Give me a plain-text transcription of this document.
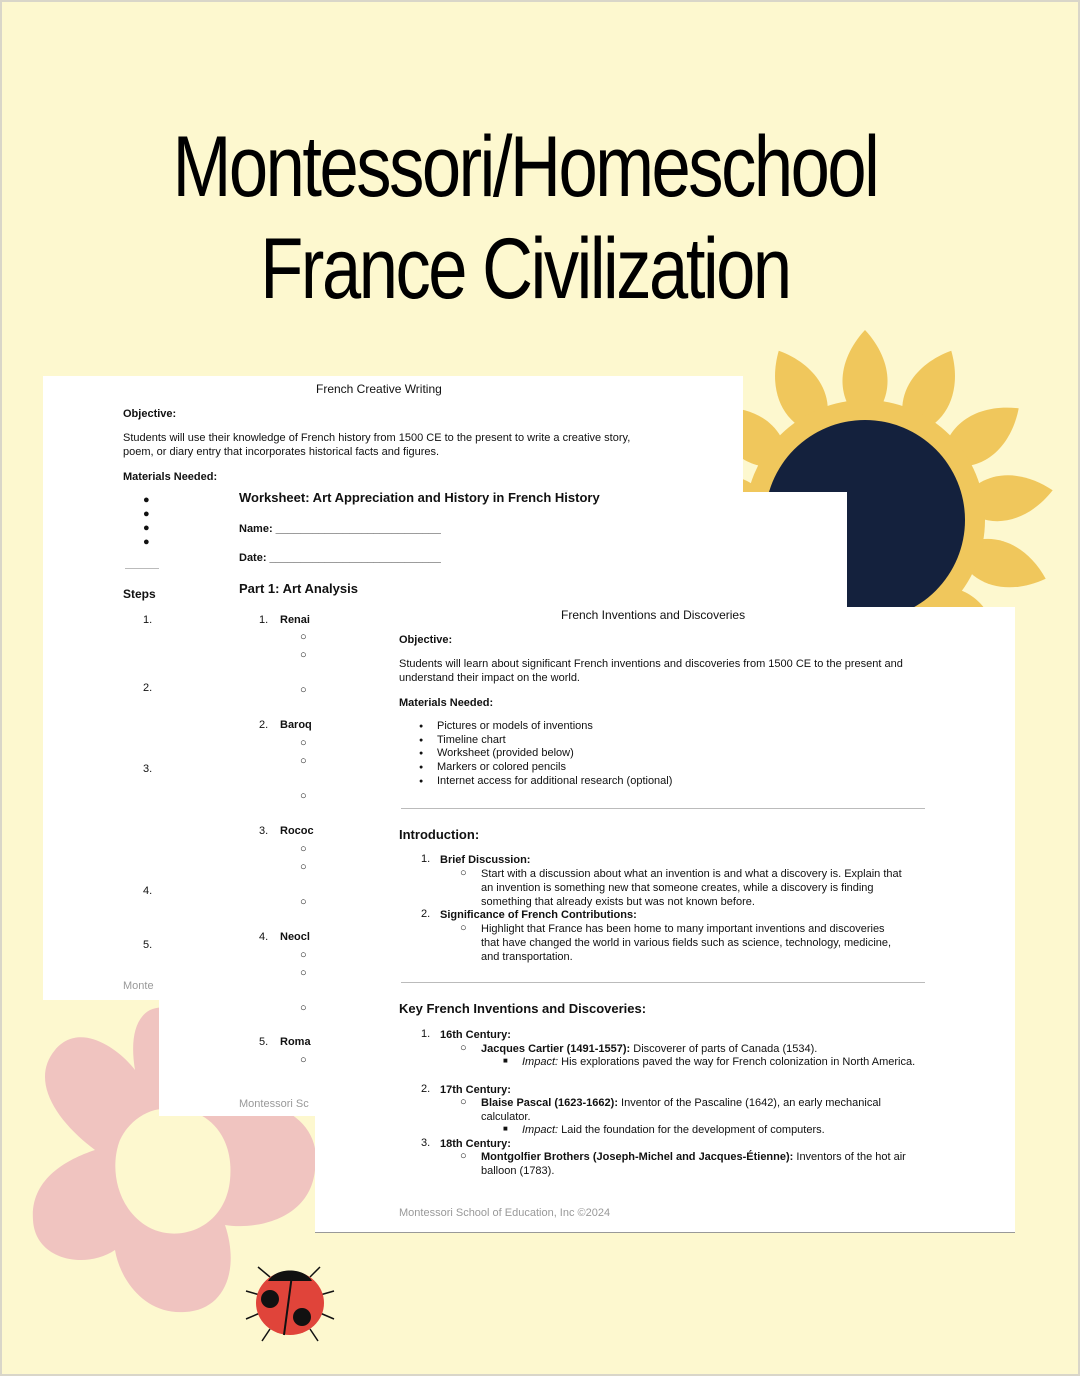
Montessori/Homeschool
France Civilization
French Creative Writing
Objective:
Students will use their knowledge of French history from 1500 CE to the present to write a creative story, poem, or diary entry that incorporates historical facts and figures.
Materials Needed:
●
●
●
●
Steps
1.
2.
3.
4.
5.
Monte
Worksheet: Art Appreciation and History in French History
Name: ___________________________
Date: ____________________________
Part 1: Art Analysis
1. Renai
○
○
○
2. Baroq
○
○
○
3. Rococ
○
○
○
4. Neocl
○
○
○
5. Roma
○
Montessori Sc
French Inventions and Discoveries
Objective:
Students will learn about significant French inventions and discoveries from 1500 CE to the present and understand their impact on the world.
Materials Needed:
● Pictures or models of inventions
● Timeline chart
● Worksheet (provided below)
● Markers or colored pencils
● Internet access for additional research (optional)
Introduction:
1. Brief Discussion:
○ Start with a discussion about what an invention is and what a discovery is. Explain that an invention is something new that someone creates, while a discovery is finding something that already exists but was not known before.
2. Significance of French Contributions:
○ Highlight that France has been home to many important inventions and discoveries that have changed the world in various fields such as science, technology, medicine, and transportation.
Key French Inventions and Discoveries:
1. 16th Century:
○ Jacques Cartier (1491-1557): Discoverer of parts of Canada (1534).
■ Impact: His explorations paved the way for French colonization in North America.
2. 17th Century:
○ Blaise Pascal (1623-1662): Inventor of the Pascaline (1642), an early mechanical calculator.
■ Impact: Laid the foundation for the development of computers.
3. 18th Century:
○ Montgolfier Brothers (Joseph-Michel and Jacques-Étienne): Inventors of the hot air balloon (1783).
Montessori School of Education, Inc ©2024
